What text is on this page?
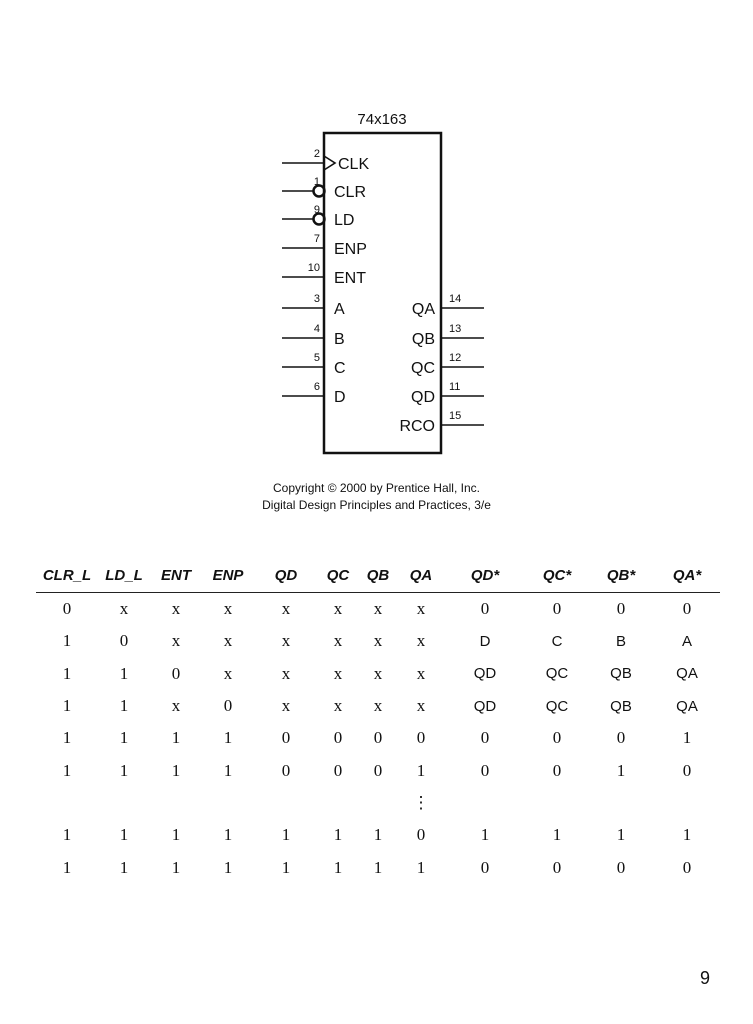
74x163
2
CLK
1
CLR
9
LD
7
ENP
10
ENT
3
A
4
B
5
C
6
D
14
QA
13
QB
12
QC
11
QD
15
RCO
Copyright © 2000 by Prentice Hall, Inc.
Digital Design Principles and Practices, 3/e
CLR_L	LD_L	ENT	ENP	QD	QC	QB	QA	QD*	QC*	QB*	QA*
0	x	x	x	x	x	x	x	0	0	0	0
1	0	x	x	x	x	x	x	D	C	B	A
1	1	0	x	x	x	x	x	QD	QC	QB	QA
1	1	x	0	x	x	x	x	QD	QC	QB	QA
1	1	1	1	0	0	0	0	0	0	0	1
1	1	1	1	0	0	0	1	0	0	1	0
							⋮				
1	1	1	1	1	1	1	0	1	1	1	1
1	1	1	1	1	1	1	1	0	0	0	0
9
